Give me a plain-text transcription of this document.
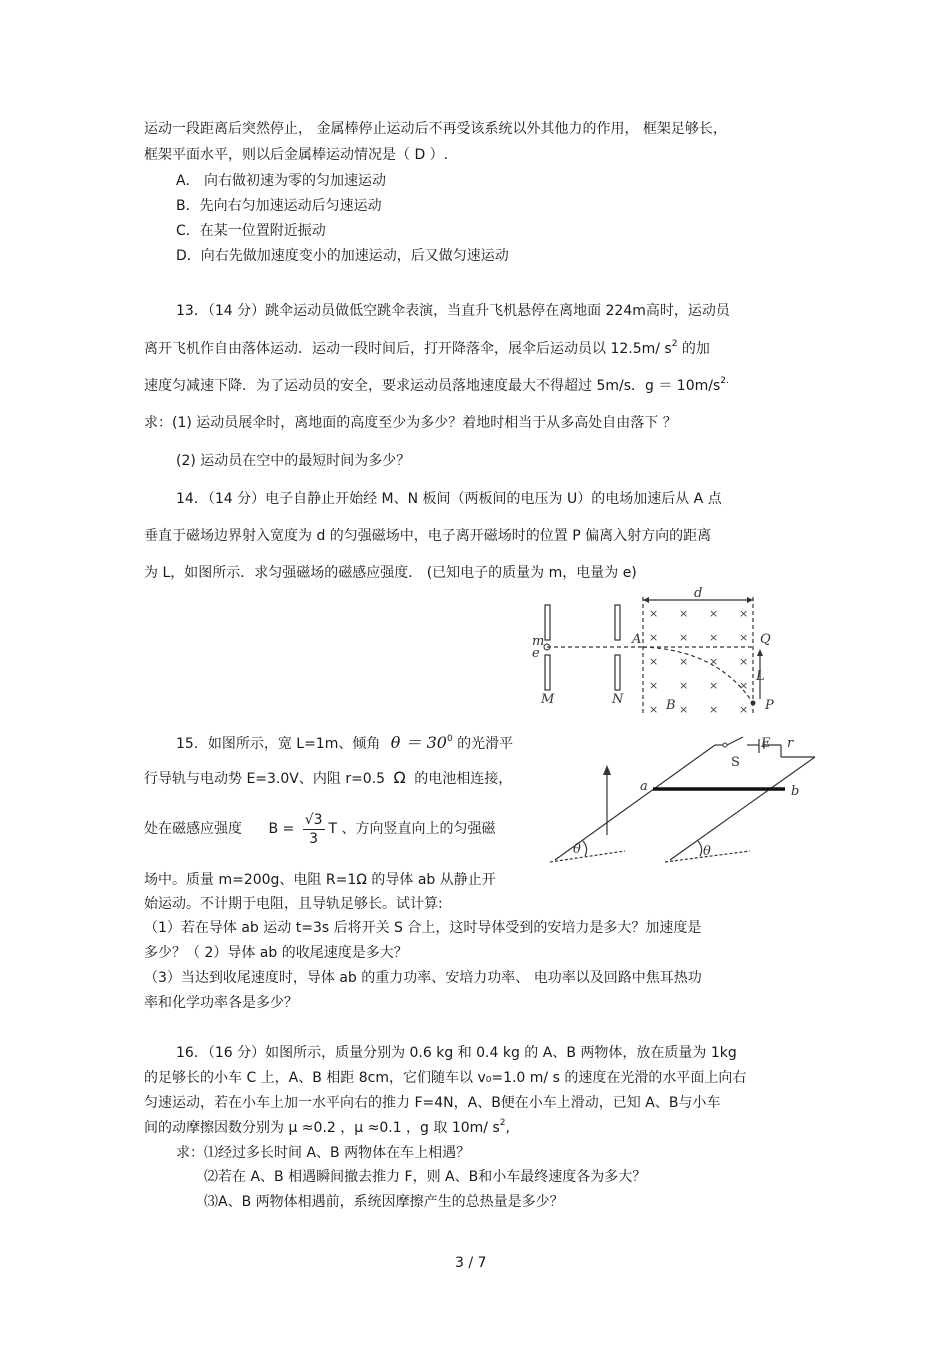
运动一段距离后突然停止， 金属棒停止运动后不再受该系统以外其他力的作用， 框架足够长，
框架平面水平，则以后金属棒运动情况是（ D ）.
A． 向右做初速为零的匀加速运动
B．先向右匀加速运动后匀速运动
C．在某一位置附近振动
D．向右先做加速度变小的加速运动，后又做匀速运动
13．（14 分）跳伞运动员做低空跳伞表演，当直升飞机悬停在离地面 224m高时，运动员
离开飞机作自由落体运动．运动一段时间后，打开降落伞，展伞后运动员以 12.5m/ $s^2$ 的加
速度匀减速下降．为了运动员的安全，要求运动员落地速度最大不得超过 5m/s．$g = 10m/s^{2.}$
求：(1) 运动员展伞时，离地面的高度至少为多少？着地时相当于从多高处自由落下 ？
(2) 运动员在空中的最短时间为多少？
14．（14 分）电子自静止开始经 M、N 板间（两板间的电压为 U）的电场加速后从 A 点
垂直于磁场边界射入宽度为 d 的匀强磁场中，电子离开磁场时的位置 P 偏离入射方向的距离
为 L，如图所示．求匀强磁场的磁感应强度． (已知电子的质量为 m，电量为 e)
d
m
e
A	Q
L
M	N	B	P
× × × ×
× × × ×
× × × ×
× × × ×
× × × ×
15．如图所示，宽 L=1m、倾角 $\theta = 30^0$ 的光滑平
行导轨与电动势 E=3.0V、内阻 r=0.5 Ω 的电池相连接，
处在磁感应强度 $B = \frac{√3}{3}$ T 、方向竖直向上的匀强磁
场中。质量 m=200g、电阻 R=1Ω 的导体 ab 从静止开
始运动。不计期于电阻，且导轨足够长。试计算:
（1）若在导体 ab 运动 t=3s 后将开关 S 合上，这时导体受到的安培力是多大？加速度是
多少？（ 2）导体 ab 的收尾速度是多大？
（3）当达到收尾速度时，导体 ab 的重力功率、安培力功率、 电功率以及回路中焦耳热功
率和化学功率各是多少？
S
E r
a	b
θ	θ
16．（16 分）如图所示，质量分别为 0.6 kg 和 0.4 kg 的 A、B 两物体，放在质量为 1kg
的足够长的小车 C 上，A、B 相距 8cm，它们随车以 v₀=1.0 m/ s 的速度在光滑的水平面上向右
匀速运动，若在小车上加一水平向右的推力 F=4N，A、B便在小车上滑动，已知 A、B与小车
间的动摩擦因数分别为 μ ≈0.2 ，μ ≈0.1 ，g 取 10m/ $s^2$,
求：⑴经过多长时间 A、B 两物体在车上相遇？
⑵若在 A、B 相遇瞬间撤去推力 F，则 A、B和小车最终速度各为多大？
⑶A、B 两物体相遇前，系统因摩擦产生的总热量是多少？
3 / 7
